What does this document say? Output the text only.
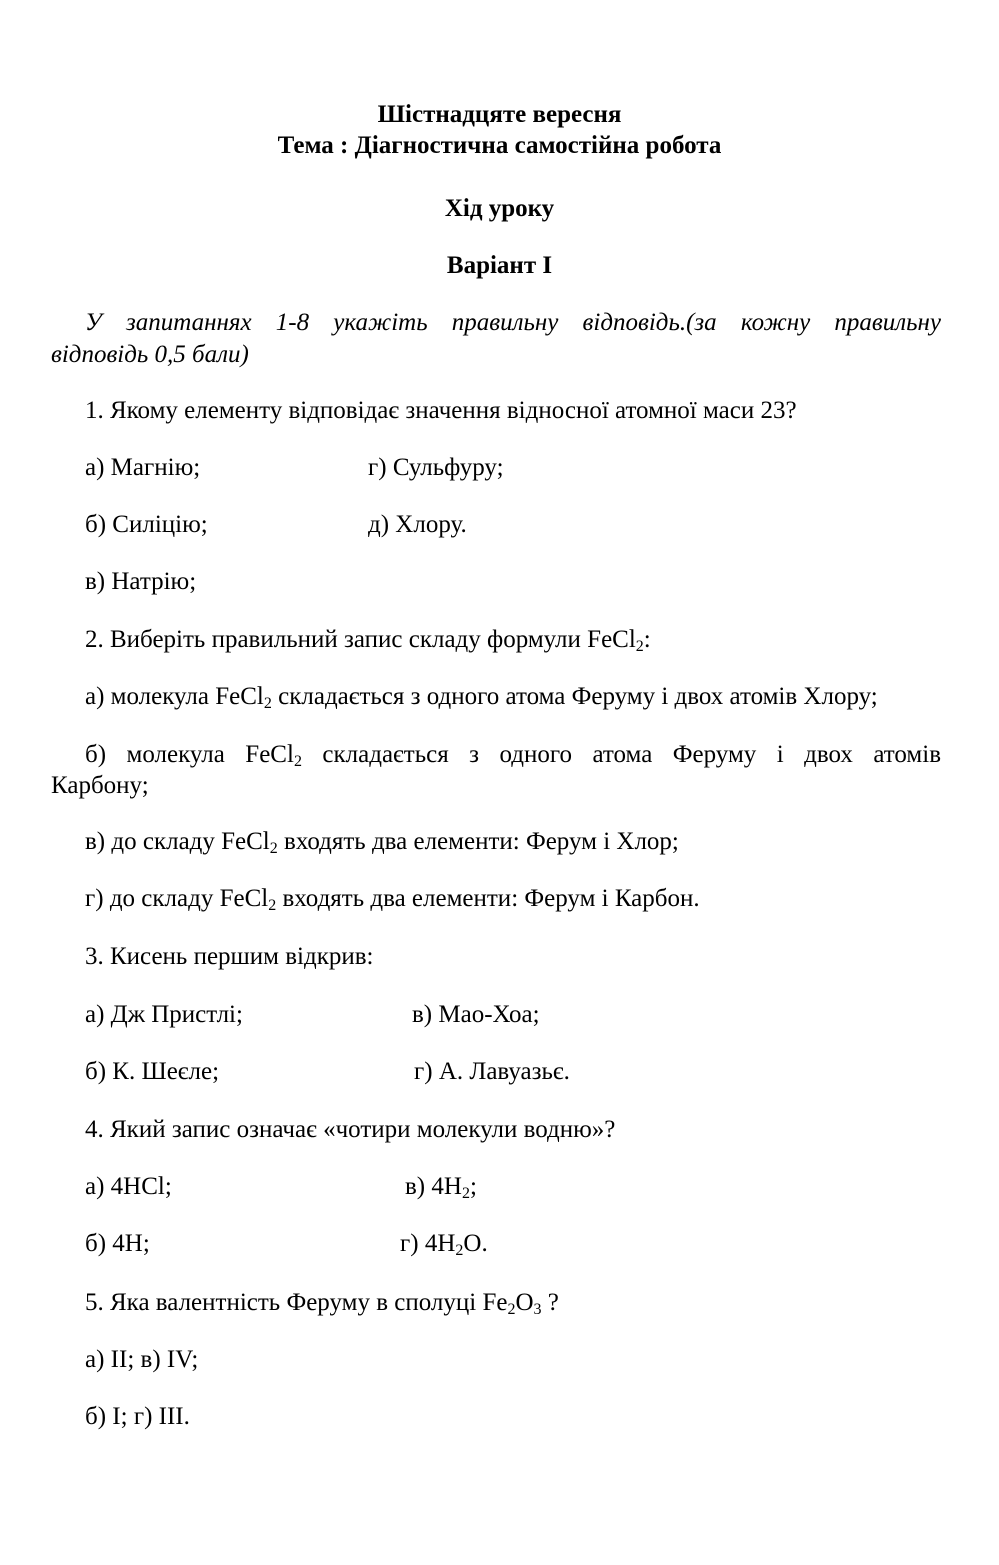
Шістнадцяте вересня
Тема : Діагностична самостійна робота
Хід уроку
Варіант І
У запитаннях 1-8 укажіть правильну відповідь.(за кожну правильну
відповідь 0,5 бали)
1. Якому елементу відповідає значення відносної атомної маси 23?
а) Магнію;	г) Сульфуру;
б) Силіцію;	д) Хлору.
в) Натрію;
2. Виберіть правильний запис складу формули FeCl$_2$:
а) молекула FeCl$_2$ складається з одного атома Феруму і двох атомів Хлору;
б) молекула FeCl$_2$ складається з одного атома Феруму і двох атомів
Карбону;
в) до складу FeCl$_2$ входять два елементи: Ферум і Хлор;
г) до складу FeCl$_2$ входять два елементи: Ферум і Карбон.
3. Кисень першим відкрив:
а) Дж Пристлі;	в) Мао-Хоа;
б) К. Шеєле;	г) А. Лавуазьє.
4. Який запис означає «чотири молекули водню»?
а) 4HCl;	в) $4H_2$;
б) 4H;	г) $4H_2O$.
5. Яка валентність Феруму в сполуці $Fe_2O_3$ ?
а) II; в) IV;
б) I; г) III.
